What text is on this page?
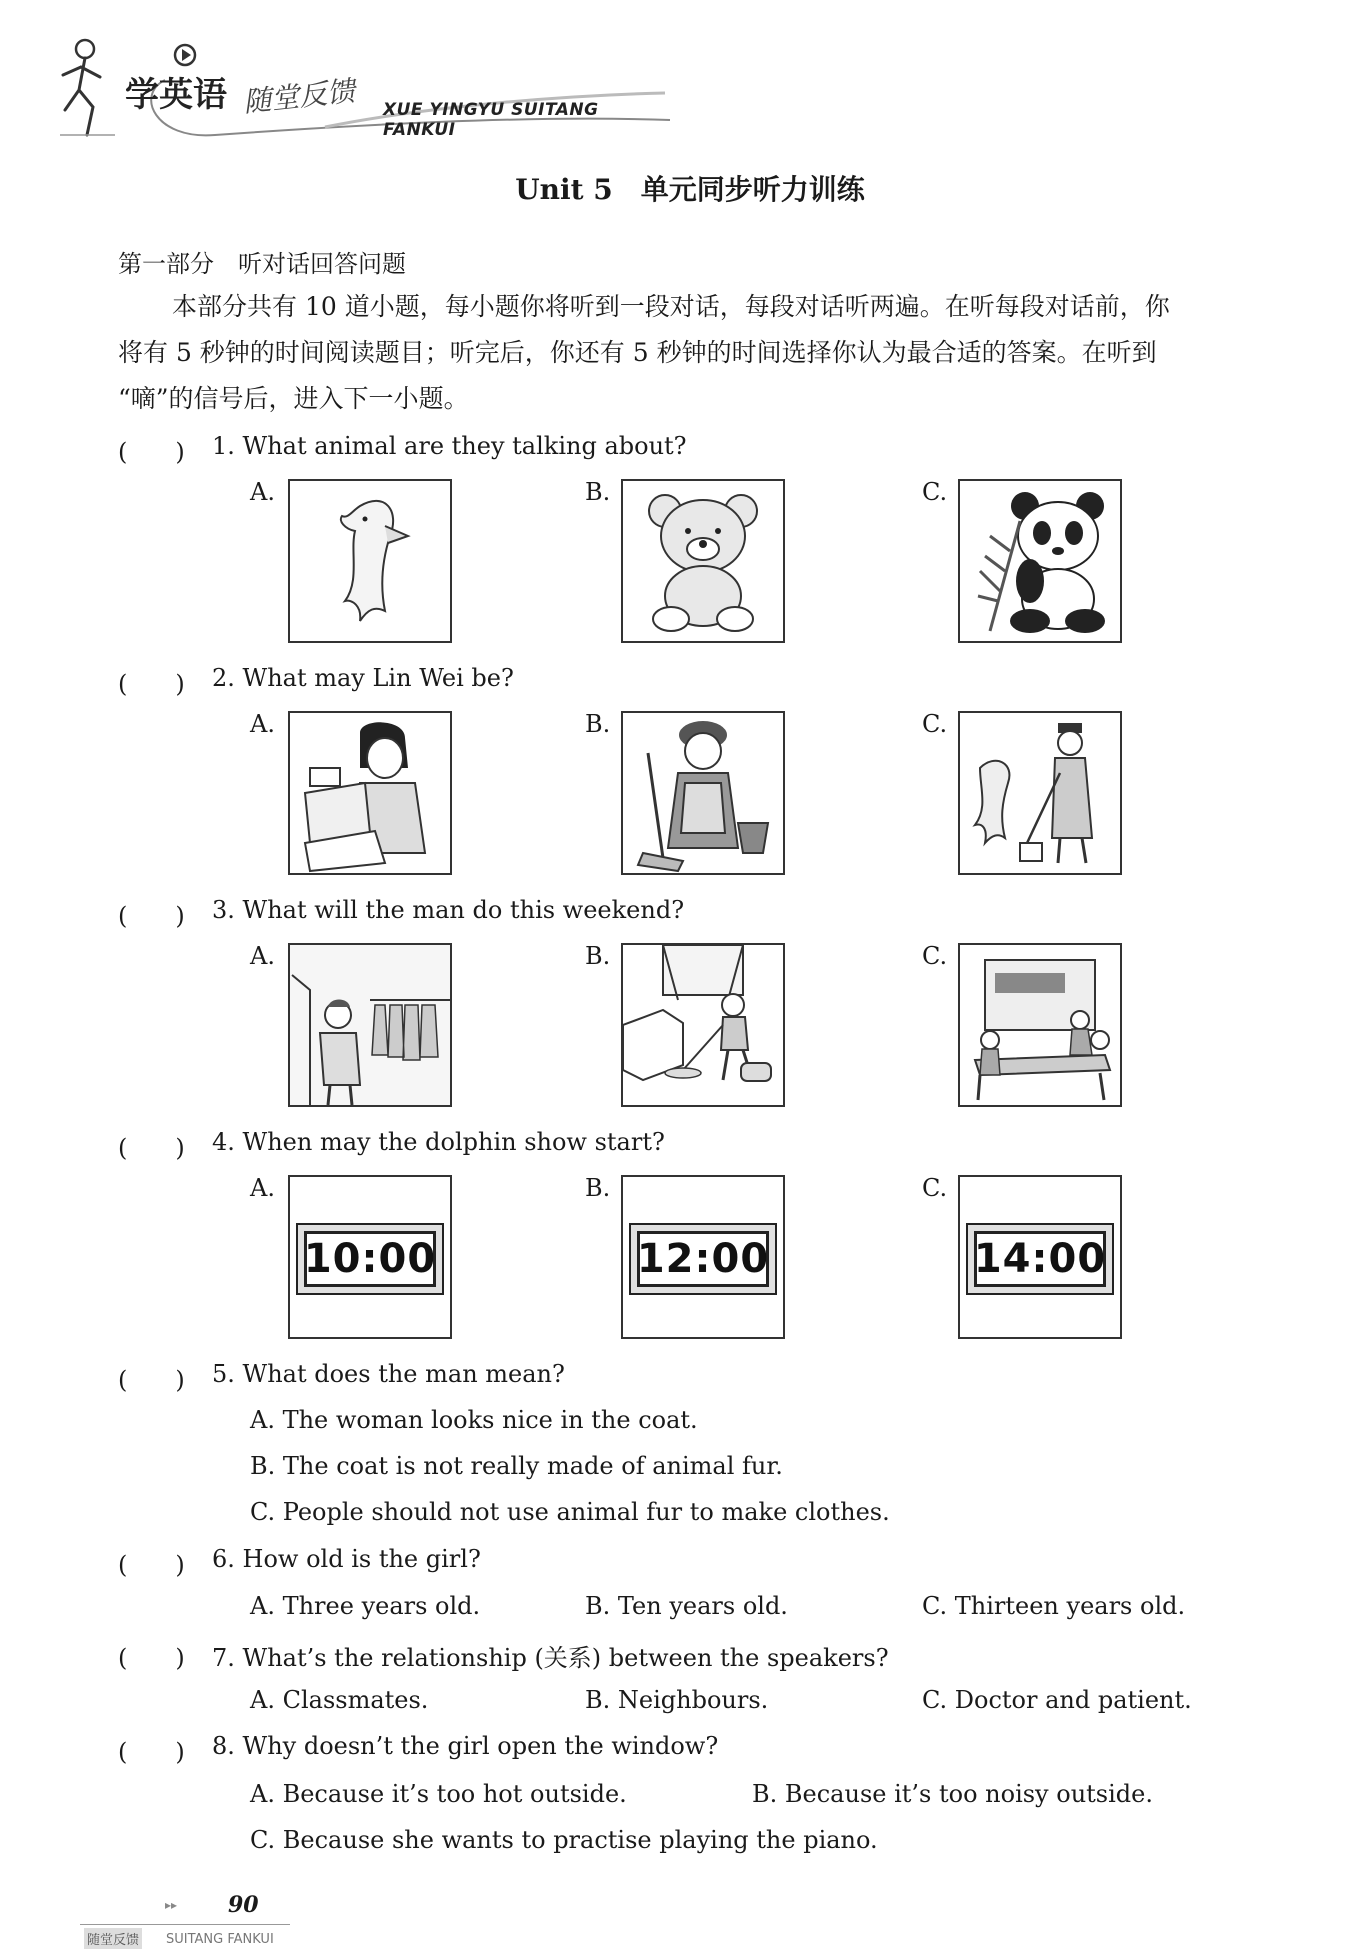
学英语 随堂反馈 XUE YINGYU SUITANG FANKUI
Unit 5　单元同步听力训练
第一部分　听对话回答问题
本部分共有 10 道小题，每小题你将听到一段对话，每段对话听两遍。在听每段对话前，你
将有 5 秒钟的时间阅读题目；听完后，你还有 5 秒钟的时间选择你认为最合适的答案。在听到
“嘀”的信号后，进入下一小题。
(　　) 1. What animal are they talking about?
A.	B.	C.
(　　) 2. What may Lin Wei be?
A.	B.	C.
(　　) 3. What will the man do this weekend?
A.	B.	C.
(　　) 4. When may the dolphin show start?
A.
10:00
B.
12:00
C.
14:00
(　　) 5. What does the man mean?
A. The woman looks nice in the coat.
B. The coat is not really made of animal fur.
C. People should not use animal fur to make clothes.
(　　) 6. How old is the girl?
A. Three years old.	B. Ten years old.	C. Thirteen years old.
(　　) 7. What’s the relationship (关系) between the speakers?
A. Classmates.	B. Neighbours.	C. Doctor and patient.
(　　) 8. Why doesn’t the girl open the window?
A. Because it’s too hot outside.	B. Because it’s too noisy outside.
C. Because she wants to practise playing the piano.
▸▸ 90
随堂反馈 SUITANG FANKUI
